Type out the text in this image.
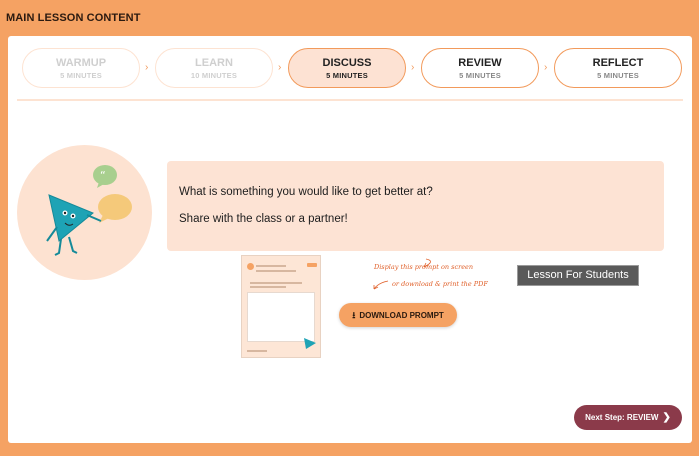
MAIN LESSON CONTENT
WARMUP
5 MINUTES
›	LEARN
10 MINUTES
›	DISCUSS
5 MINUTES
›	REVIEW
5 MINUTES
›	REFLECT
5 MINUTES
“
What is something you would like to get better at?
Share with the class or a partner!
Display this prompt on screen
or download & print the PDF
⭳ DOWNLOAD PROMPT
Lesson For Students
Next Step: REVIEW ❯
